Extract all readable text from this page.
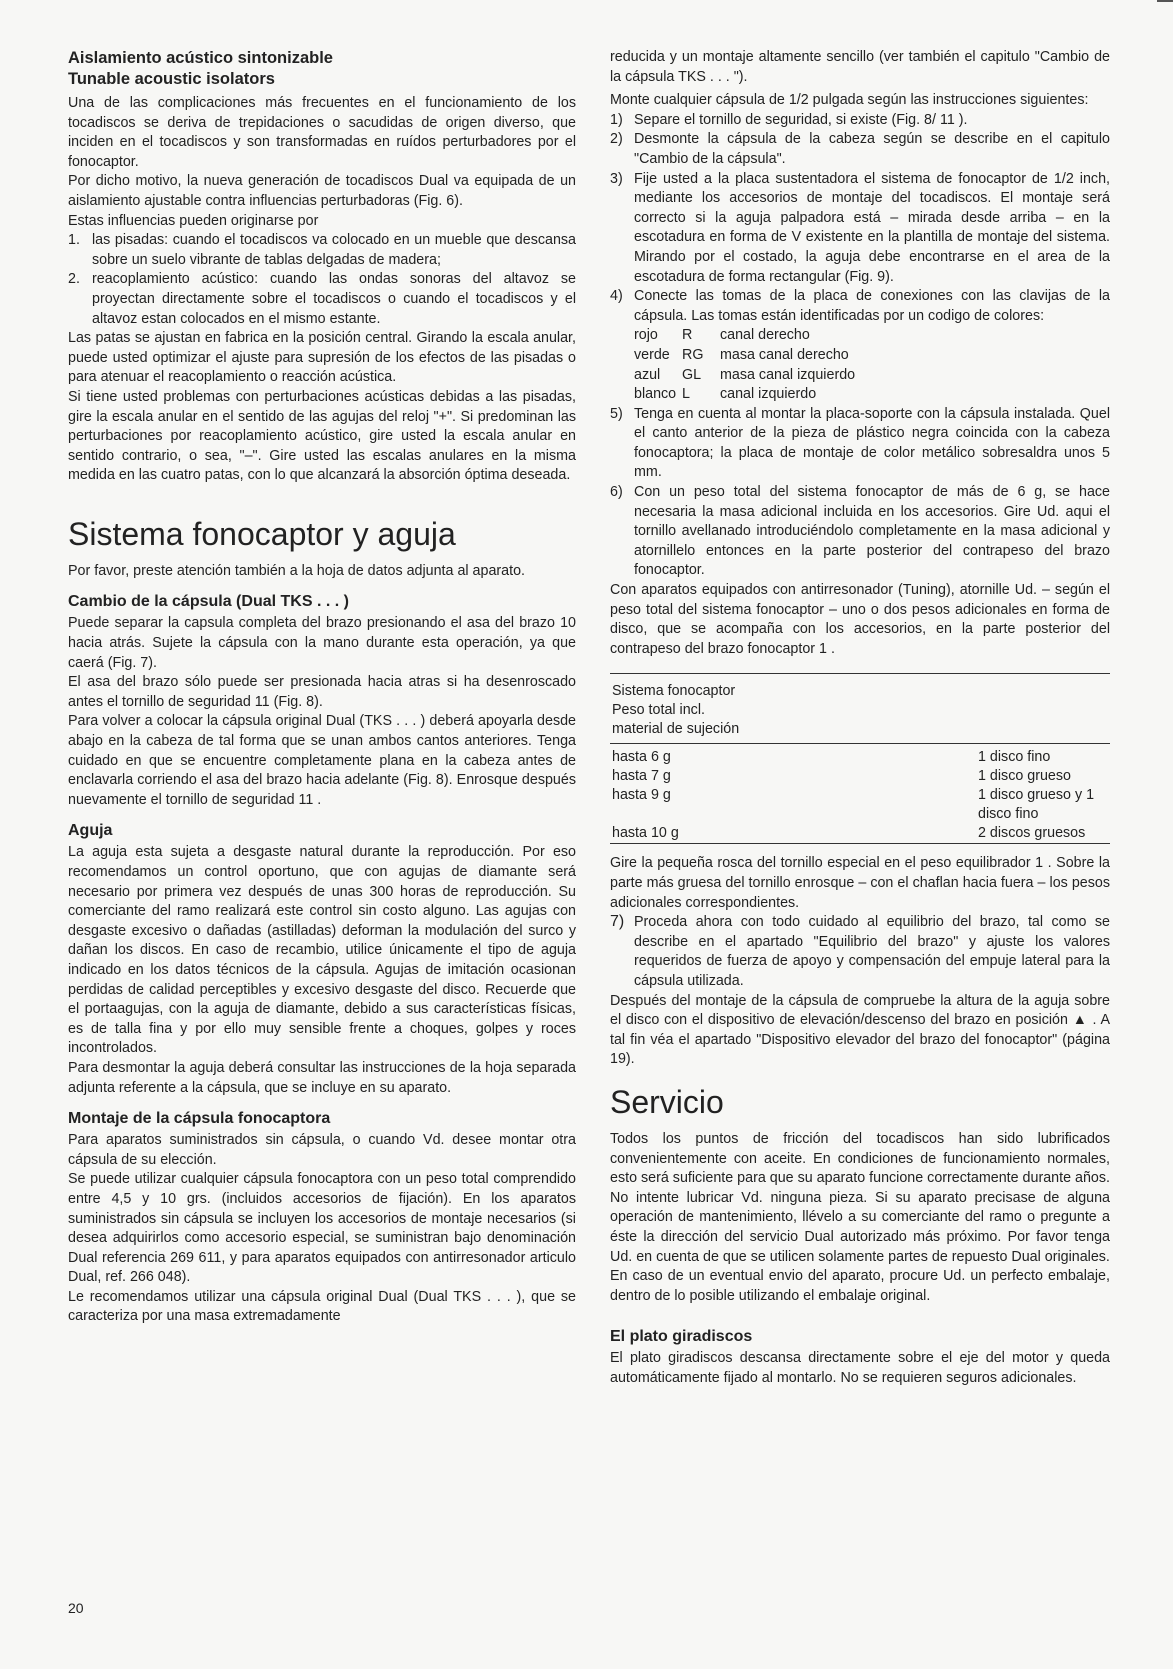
Aislamiento acústico sintonizable
Tunable acoustic isolators

Una de las complicaciones más frecuentes en el funcionamiento de los tocadiscos se deriva de trepidaciones o sacudidas de origen diverso, que inciden en el tocadiscos y son transformadas en ruídos perturbadores por el fonocaptor.

Por dicho motivo, la nueva generación de tocadiscos Dual va equipada de un aislamiento ajustable contra influencias perturbadoras (Fig. 6).

Estas influencias pueden originarse por

1. las pisadas: cuando el tocadiscos va colocado en un mueble que descansa sobre un suelo vibrante de tablas delgadas de madera;
2. reacoplamiento acústico: cuando las ondas sonoras del altavoz se proyectan directamente sobre el tocadiscos o cuando el tocadiscos y el altavoz estan colocados en el mismo estante.

Las patas se ajustan en fabrica en la posición central. Girando la escala anular, puede usted optimizar el ajuste para supresión de los efectos de las pisadas o para atenuar el reacoplamiento o reacción acústica.

Si tiene usted problemas con perturbaciones acústicas debidas a las pisadas, gire la escala anular en el sentido de las agujas del reloj "+". Si predominan las perturbaciones por reacoplamiento acústico, gire usted la escala anular en sentido contrario, o sea, "–". Gire usted las escalas anulares en la misma medida en las cuatro patas, con lo que alcanzará la absorción óptima deseada.

Sistema fonocaptor y aguja

Por favor, preste atención también a la hoja de datos adjunta al aparato.

Cambio de la cápsula (Dual TKS . . . )

Puede separar la capsula completa del brazo presionando el asa del brazo 10 hacia atrás. Sujete la cápsula con la mano durante esta operación, ya que caerá (Fig. 7).

El asa del brazo sólo puede ser presionada hacia atras si ha desenroscado antes el tornillo de seguridad 11 (Fig. 8).

Para volver a colocar la cápsula original Dual (TKS . . . ) deberá apoyarla desde abajo en la cabeza de tal forma que se unan ambos cantos anteriores. Tenga cuidado en que se encuentre completamente plana en la cabeza antes de enclavarla corriendo el asa del brazo hacia adelante (Fig. 8). Enrosque después nuevamente el tornillo de seguridad 11 .

Aguja

La aguja esta sujeta a desgaste natural durante la reproducción. Por eso recomendamos un control oportuno, que con agujas de diamante será necesario por primera vez después de unas 300 horas de reproducción. Su comerciante del ramo realizará este control sin costo alguno. Las agujas con desgaste excesivo o dañadas (astilladas) deforman la modulación del surco y dañan los discos. En caso de recambio, utilice únicamente el tipo de aguja indicado en los datos técnicos de la cápsula. Agujas de imitación ocasionan perdidas de calidad perceptibles y excesivo desgaste del disco. Recuerde que el portaagujas, con la aguja de diamante, debido a sus características físicas, es de talla fina y por ello muy sensible frente a choques, golpes y roces incontrolados.

Para desmontar la aguja deberá consultar las instrucciones de la hoja separada adjunta referente a la cápsula, que se incluye en su aparato.

Montaje de la cápsula fonocaptora

Para aparatos suministrados sin cápsula, o cuando Vd. desee montar otra cápsula de su elección.

Se puede utilizar cualquier cápsula fonocaptora con un peso total comprendido entre 4,5 y 10 grs. (incluidos accesorios de fijación). En los aparatos suministrados sin cápsula se incluyen los accesorios de montaje necesarios (si desea adquirirlos como accesorio especial, se suministran bajo denominación Dual referencia 269 611, y para aparatos equipados con antirresonador articulo Dual, ref. 266 048).

Le recomendamos utilizar una cápsula original Dual (Dual TKS . . . ), que se caracteriza por una masa extremadamente

reducida y un montaje altamente sencillo (ver también el capitulo "Cambio de la cápsula TKS . . . ").

Monte cualquier cápsula de 1/2 pulgada según las instrucciones siguientes:

1) Separe el tornillo de seguridad, si existe (Fig. 8/ 11 ).
2) Desmonte la cápsula de la cabeza según se describe en el capitulo "Cambio de la cápsula".
3) Fije usted a la placa sustentadora el sistema de fonocaptor de 1/2 inch, mediante los accesorios de montaje del tocadiscos. El montaje será correcto si la aguja palpadora está – mirada desde arriba – en la escotadura en forma de V existente en la plantilla de montaje del sistema. Mirando por el costado, la aguja debe encontrarse en el area de la escotadura de forma rectangular (Fig. 9).
4) Conecte las tomas de la placa de conexiones con las clavijas de la cápsula. Las tomas están identificadas por un codigo de colores:
rojo	R	canal derecho
verde RG	masa canal derecho
azul	GL	masa canal izquierdo
blanco L	canal izquierdo
5) Tenga en cuenta al montar la placa-soporte con la cápsula instalada. Quel el canto anterior de la pieza de plástico negra coincida con la cabeza fonocaptora; la placa de montaje de color metálico sobresaldra unos 5 mm.
6) Con un peso total del sistema fonocaptor de más de 6 g, se hace necesaria la masa adicional incluida en los accesorios. Gire Ud. aqui el tornillo avellanado introduciéndolo completamente en la masa adicional y atornillelo entonces en la parte posterior del contrapeso del brazo fonocaptor.

Con aparatos equipados con antirresonador (Tuning), atornille Ud. – según el peso total del sistema fonocaptor – uno o dos pesos adicionales en forma de disco, que se acompaña con los accesorios, en la parte posterior del contrapeso del brazo fonocaptor 1 .

Sistema fonocaptor
Peso total incl.
material de sujeción	

hasta 6 g	1 disco fino
hasta 7 g	1 disco grueso
hasta 9 g	1 disco grueso y 1 disco fino
hasta 10 g	2 discos gruesos

Gire la pequeña rosca del tornillo especial en el peso equilibrador 1 . Sobre la parte más gruesa del tornillo enrosque – con el chaflan hacia fuera – los pesos adicionales correspondientes.

7) Proceda ahora con todo cuidado al equilibrio del brazo, tal como se describe en el apartado "Equilibrio del brazo" y ajuste los valores requeridos de fuerza de apoyo y compensación del empuje lateral para la cápsula utilizada.

Después del montaje de la cápsula de compruebe la altura de la aguja sobre el disco con el dispositivo de elevación/descenso del brazo en posición ▲ . A tal fin véa el apartado "Dispositivo elevador del brazo del fonocaptor" (página 19).

Servicio

Todos los puntos de fricción del tocadiscos han sido lubrificados convenientemente con aceite. En condiciones de funcionamiento normales, esto será suficiente para que su aparato funcione correctamente durante años. No intente lubricar Vd. ninguna pieza. Si su aparato precisase de alguna operación de mantenimiento, llévelo a su comerciante del ramo o pregunte a éste la dirección del servicio Dual autorizado más próximo. Por favor tenga Ud. en cuenta de que se utilicen solamente partes de repuesto Dual originales.

En caso de un eventual envio del aparato, procure Ud. un perfecto embalaje, dentro de lo posible utilizando el embalaje original.

El plato giradiscos

El plato giradiscos descansa directamente sobre el eje del motor y queda automáticamente fijado al montarlo. No se requieren seguros adicionales.

20
